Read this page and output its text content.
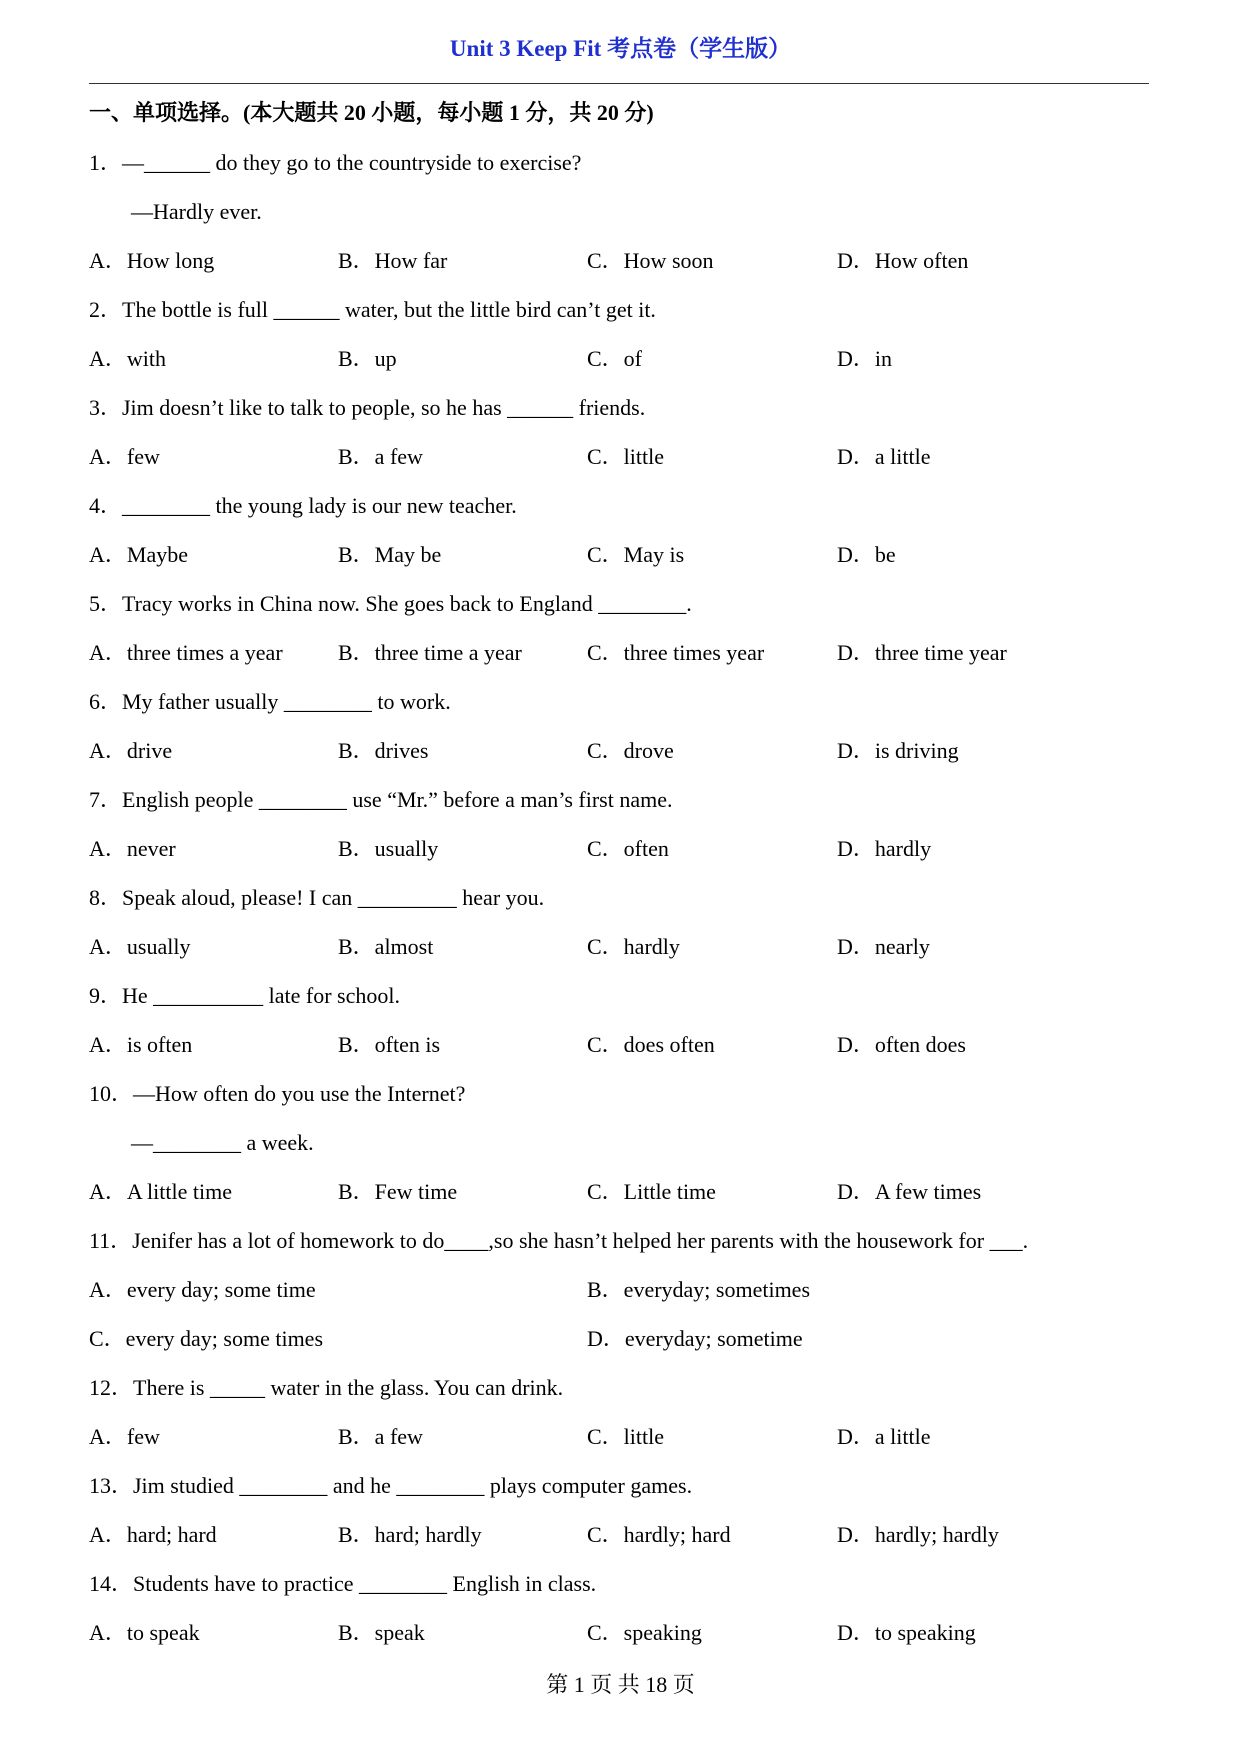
Unit 3 Keep Fit 考点卷（学生版）
一、单项选择。(本大题共 20 小题，每小题 1 分，共 20 分)
1．—______ do they go to the countryside to exercise?
—Hardly ever.
A．How long	B．How far	C．How soon	D．How often
2．The bottle is full ______ water, but the little bird can’t get it.
A．with	B．up	C．of	D．in
3．Jim doesn’t like to talk to people, so he has ______ friends.
A．few	B．a few	C．little	D．a little
4．________ the young lady is our new teacher.
A．Maybe	B．May be	C．May is	D．be
5．Tracy works in China now. She goes back to England ________.
A．three times a year	B．three time a year	C．three times year	D．three time year
6．My father usually ________ to work.
A．drive	B．drives	C．drove	D．is driving
7．English people ________ use “Mr.” before a man’s first name.
A．never	B．usually	C．often	D．hardly
8．Speak aloud, please! I can _________ hear you.
A．usually	B．almost	C．hardly	D．nearly
9．He __________ late for school.
A．is often	B．often is	C．does often	D．often does
10．—How often do you use the Internet?
—________ a week.
A．A little time	B．Few time	C．Little time	D．A few times
11．Jenifer has a lot of homework to do____,so she hasn’t helped her parents with the housework for ___.
A．every day; some time	B．everyday; sometimes
C．every day; some times	D．everyday; sometime
12．There is _____ water in the glass. You can drink.
A．few	B．a few	C．little	D．a little
13．Jim studied ________ and he ________ plays computer games.
A．hard; hard	B．hard; hardly	C．hardly; hard	D．hardly; hardly
14．Students have to practice ________ English in class.
A．to speak	B．speak	C．speaking	D．to speaking
第 1 页 共 18 页
